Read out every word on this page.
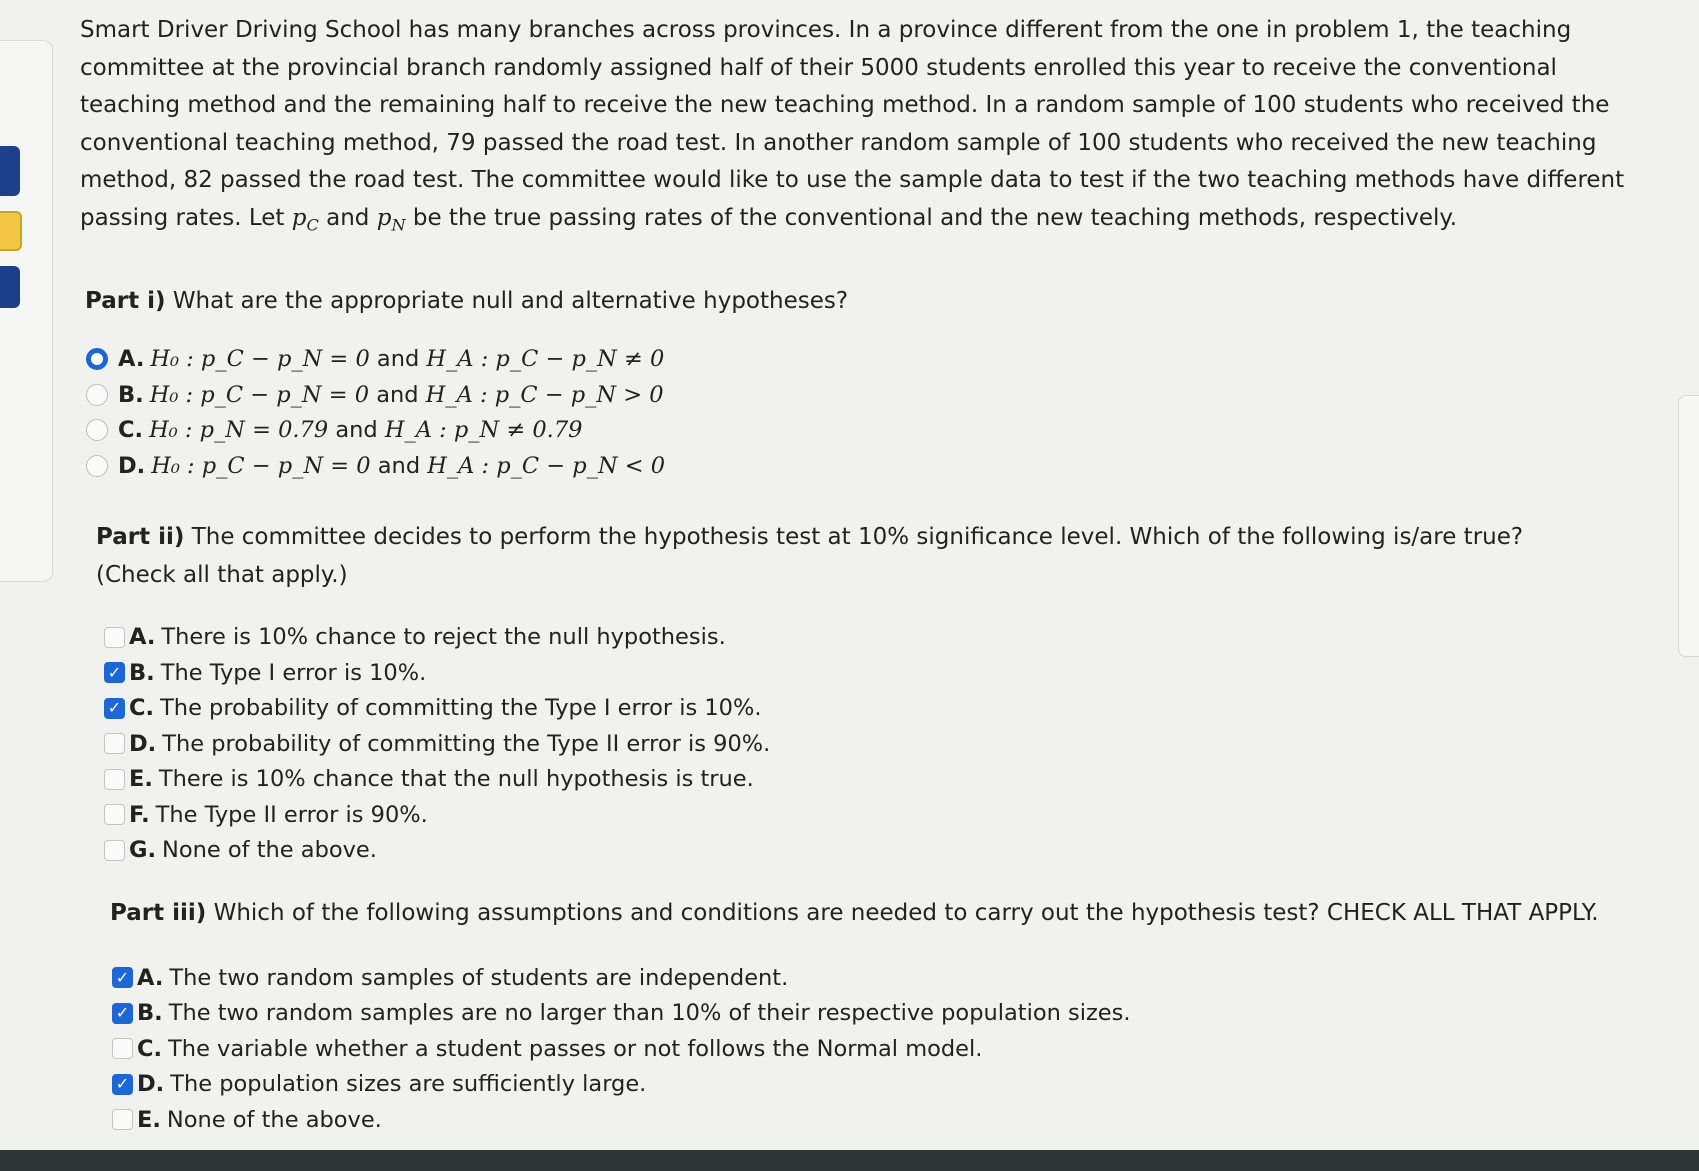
Smart Driver Driving School has many branches across provinces. In a province different from the one in problem 1, the teaching committee at the provincial branch randomly assigned half of their 5000 students enrolled this year to receive the conventional teaching method and the remaining half to receive the new teaching method. In a random sample of 100 students who received the conventional teaching method, 79 passed the road test. In another random sample of 100 students who received the new teaching method, 82 passed the road test. The committee would like to use the sample data to test if the two teaching methods have different passing rates. Let $p_C$ and $p_N$ be the true passing rates of the conventional and the new teaching methods, respectively.

Part i) What are the appropriate null and alternative hypotheses?

A. H₀ : p_C − p_N = 0
and
H_A : p_C − p_N ≠ 0
B. H₀ : p_C − p_N = 0
and
H_A : p_C − p_N > 0
C. H₀ : p_N = 0.79
and
H_A : p_N ≠ 0.79
D. H₀ : p_C − p_N = 0
and
H_A : p_C − p_N < 0

Part ii) The committee decides to perform the hypothesis test at 10% significance level. Which of the following is/are true? (Check all that apply.)

A. There is 10% chance to reject the null hypothesis.
✓ B. The Type I error is 10%.
✓ C. The probability of committing the Type I error is 10%.
D. The probability of committing the Type II error is 90%.
E. There is 10% chance that the null hypothesis is true.
F. The Type II error is 90%.
G. None of the above.

Part iii) Which of the following assumptions and conditions are needed to carry out the hypothesis test? CHECK ALL THAT APPLY.

✓ A. The two random samples of students are independent.
✓ B. The two random samples are no larger than 10% of their respective population sizes.
C. The variable whether a student passes or not follows the Normal model.
✓ D. The population sizes are sufficiently large.
E. None of the above.
